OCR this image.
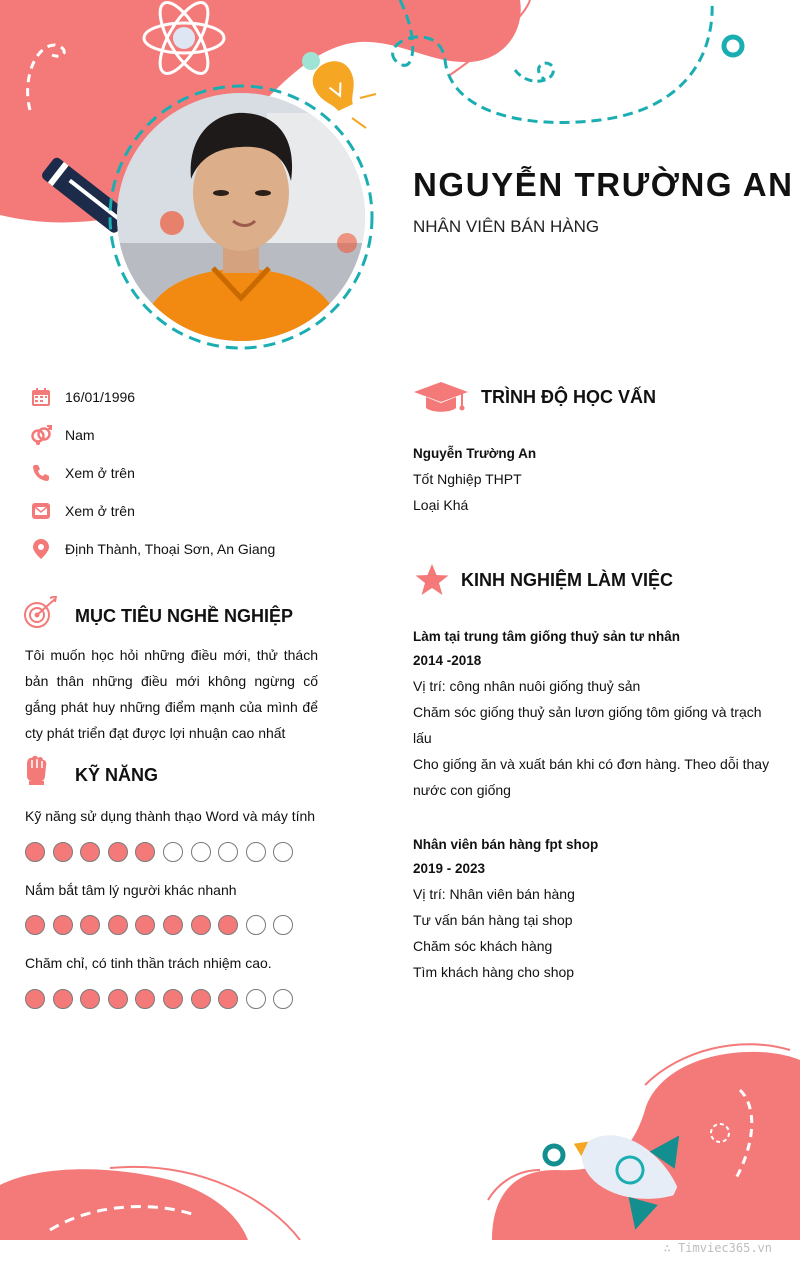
NGUYỄN TRƯỜNG AN
NHÂN VIÊN BÁN HÀNG
16/01/1996
Nam
Xem ở trên
Xem ở trên
Định Thành, Thoại Sơn, An Giang
MỤC TIÊU NGHỀ NGHIỆP
Tôi muốn học hỏi những điều mới, thử thách bản thân những điều mới không ngừng cố gắng phát huy những điểm mạnh của mình để cty phát triển đạt được lợi nhuận cao nhất
KỸ NĂNG
Kỹ năng sử dụng thành thạo Word và máy tính
Nắm bắt tâm lý người khác nhanh
Chăm chỉ, có tinh thần trách nhiệm cao.
TRÌNH ĐỘ HỌC VẤN
Nguyễn Trường An
Tốt Nghiệp THPT
Loại Khá
KINH NGHIỆM LÀM VIỆC
Làm tại trung tâm giống thuỷ sản tư nhân
2014 -2018
Vị trí: công nhân nuôi giống thuỷ sản
Chăm sóc giống thuỷ sản lươn giống tôm giống và trạch lấu
Cho giống ăn và xuất bán khi có đơn hàng. Theo dỗi thay nước con giống
Nhân viên bán hàng fpt shop
2019 - 2023
Vị trí: Nhân viên bán hàng
Tư vấn bán hàng tại shop
Chăm sóc khách hàng
Tìm khách hàng cho shop
∴ Timviec365.vn
